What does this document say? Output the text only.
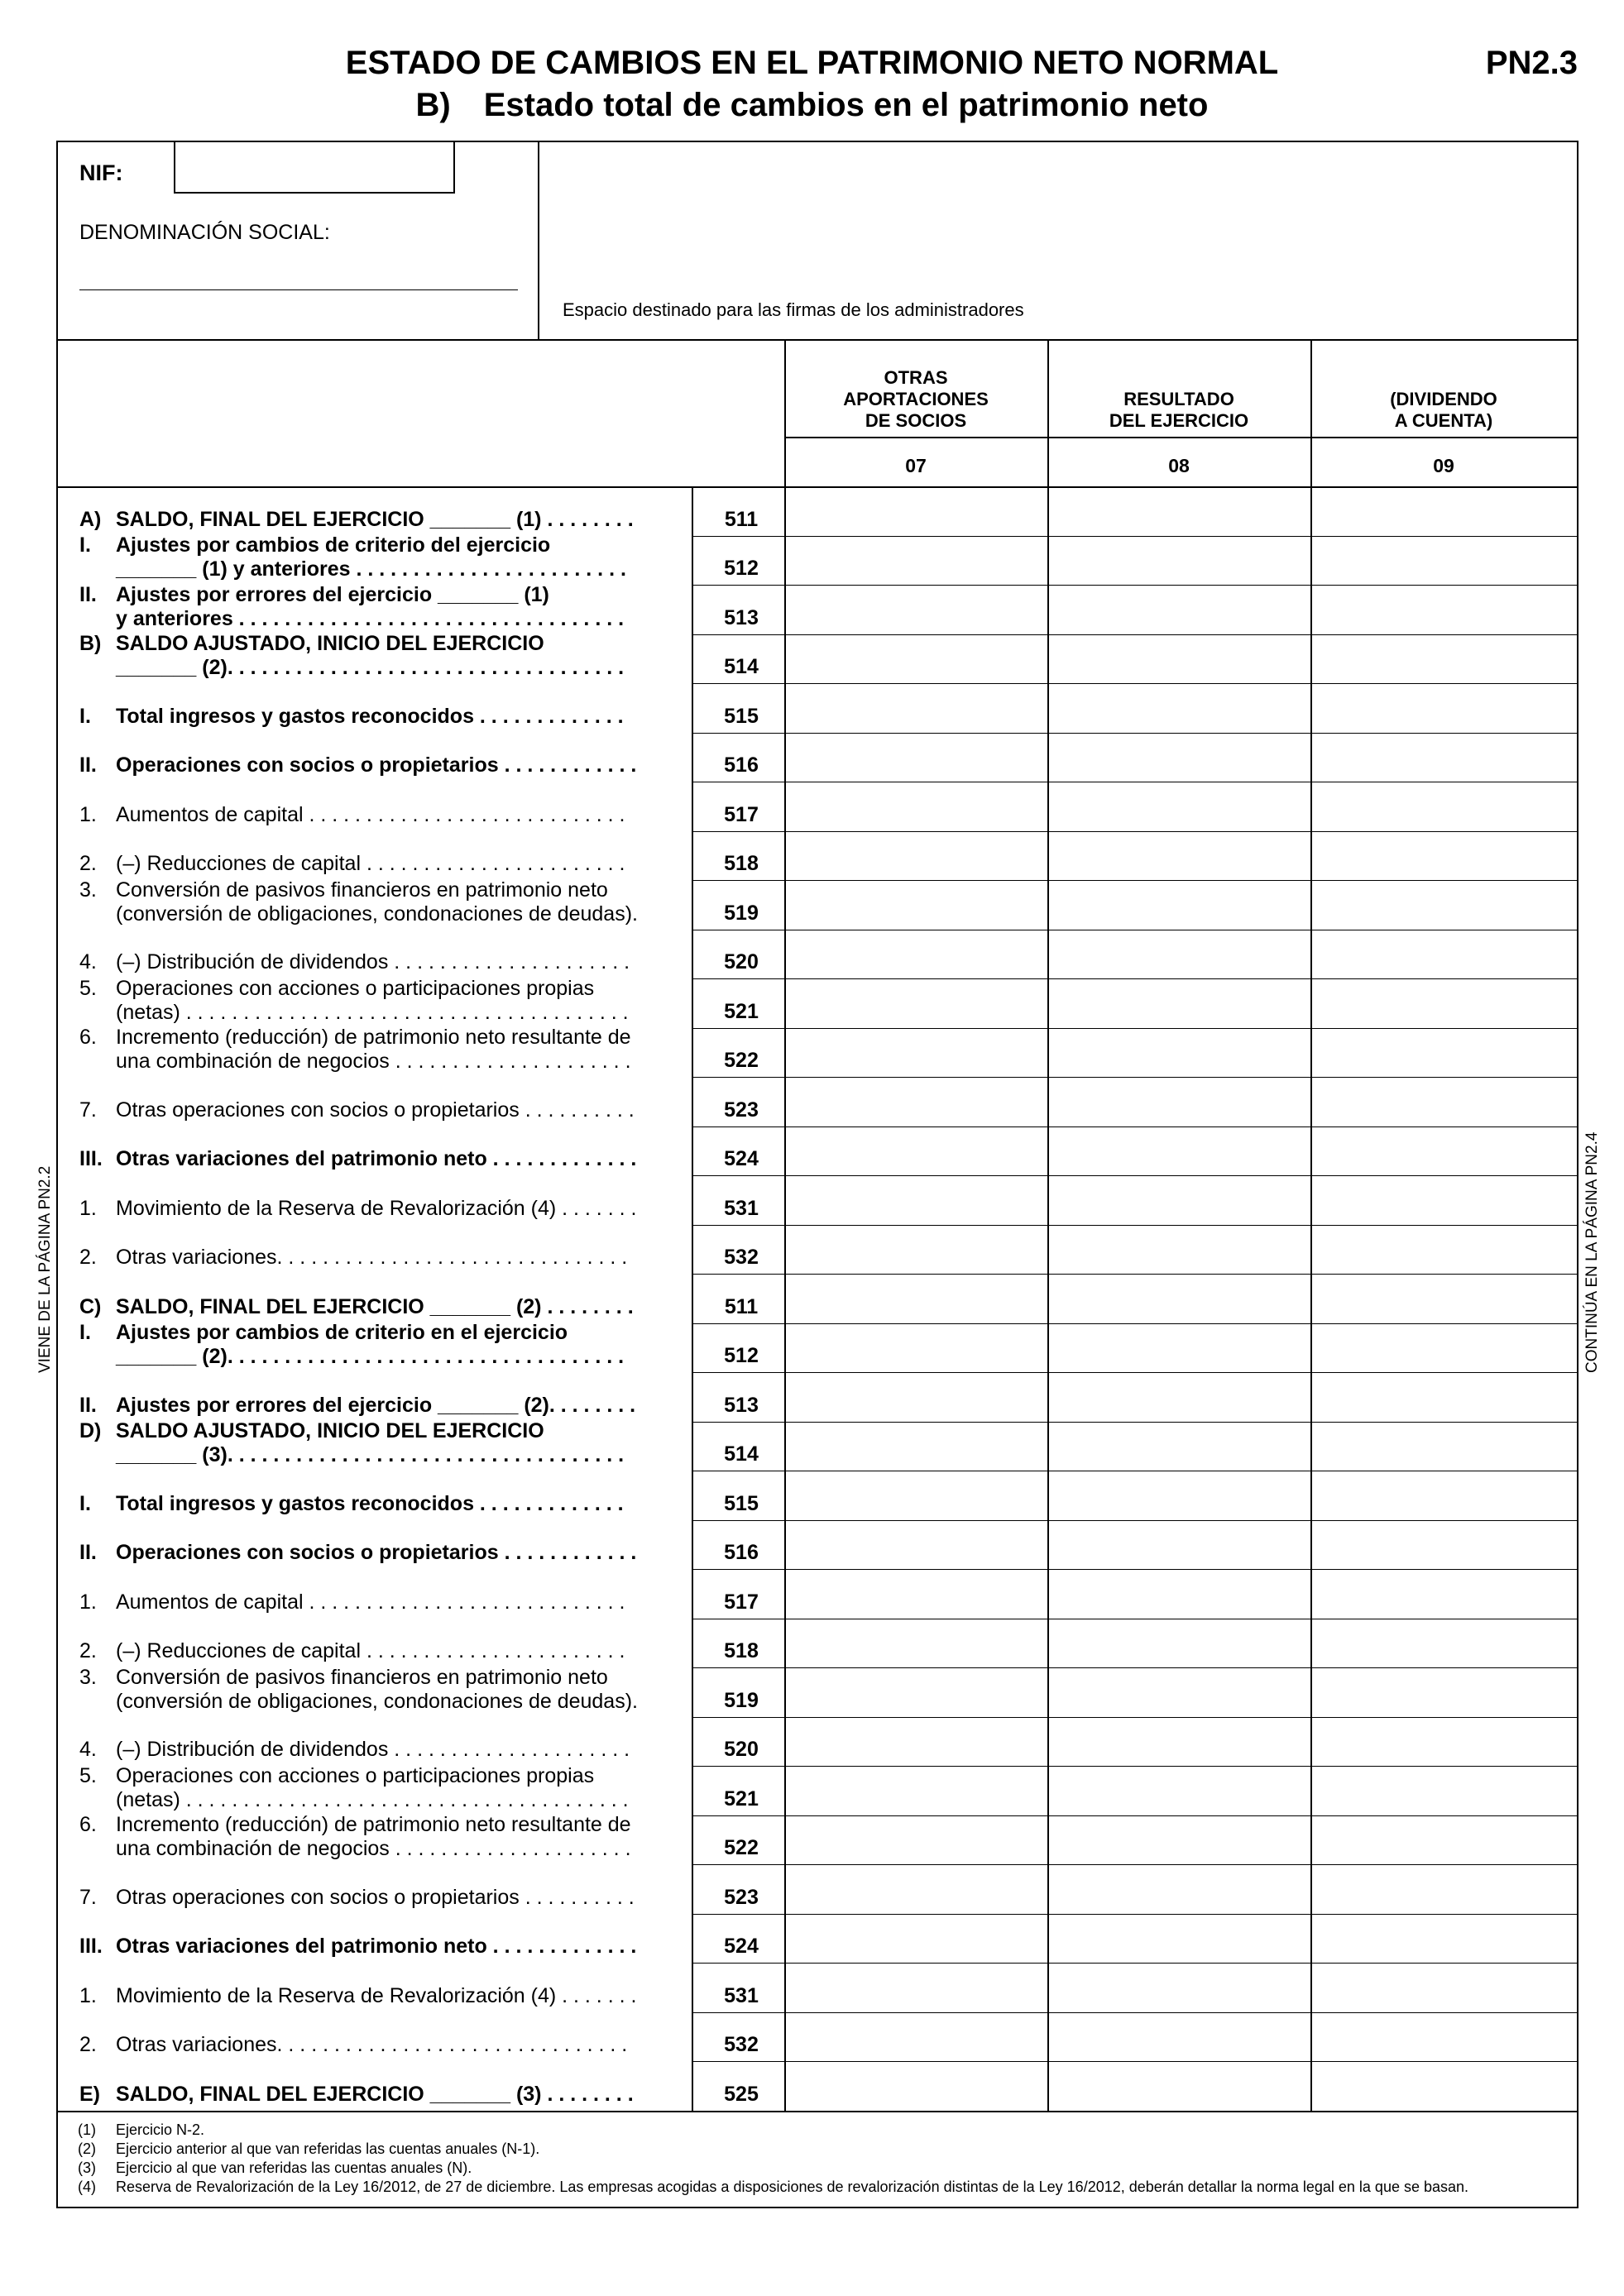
ESTADO DE CAMBIOS EN EL PATRIMONIO NETO NORMAL
B) Estado total de cambios en el patrimonio neto
PN2.3
VIENE DE LA PÁGINA PN2.2	CONTINÚA EN LA PÁGINA PN2.4
NIF:
DENOMINACIÓN SOCIAL:
Espacio destinado para las firmas de los administradores
OTRAS
APORTACIONES
DE SOCIOS
07
RESULTADO
DEL EJERCICIO
08
(DIVIDENDO
A CUENTA)
09
A) SALDO, FINAL DEL EJERCICIO _______ (1) . . . . . . . .	511
I. Ajustes por cambios de criterio del ejercicio
_______ (1) y anteriores . . . . . . . . . . . . . . . . . . . . . . . .	512
II. Ajustes por errores del ejercicio _______ (1)
y anteriores . . . . . . . . . . . . . . . . . . . . . . . . . . . . . . . . . .	513
B) SALDO AJUSTADO, INICIO DEL EJERCICIO
_______ (2). . . . . . . . . . . . . . . . . . . . . . . . . . . . . . . . . . .	514
I. Total ingresos y gastos reconocidos . . . . . . . . . . . . .	515
II. Operaciones con socios o propietarios . . . . . . . . . . . .	516
1. Aumentos de capital . . . . . . . . . . . . . . . . . . . . . . . . . . . .	517
2. (–) Reducciones de capital . . . . . . . . . . . . . . . . . . . . . . .	518
3. Conversión de pasivos financieros en patrimonio neto
(conversión de obligaciones, condonaciones de deudas).	519
4. (–) Distribución de dividendos . . . . . . . . . . . . . . . . . . . . .	520
5. Operaciones con acciones o participaciones propias
(netas) . . . . . . . . . . . . . . . . . . . . . . . . . . . . . . . . . . . . . . .	521
6. Incremento (reducción) de patrimonio neto resultante de
una combinación de negocios . . . . . . . . . . . . . . . . . . . . .	522
7. Otras operaciones con socios o propietarios . . . . . . . . . .	523
III. Otras variaciones del patrimonio neto . . . . . . . . . . . . .	524
1. Movimiento de la Reserva de Revalorización (4) . . . . . . .	531
2. Otras variaciones. . . . . . . . . . . . . . . . . . . . . . . . . . . . . . .	532
C) SALDO, FINAL DEL EJERCICIO _______ (2) . . . . . . . .	511
I. Ajustes por cambios de criterio en el ejercicio
_______ (2). . . . . . . . . . . . . . . . . . . . . . . . . . . . . . . . . . .	512
II. Ajustes por errores del ejercicio _______ (2). . . . . . . .	513
D) SALDO AJUSTADO, INICIO DEL EJERCICIO
_______ (3). . . . . . . . . . . . . . . . . . . . . . . . . . . . . . . . . . .	514
I. Total ingresos y gastos reconocidos . . . . . . . . . . . . .	515
II. Operaciones con socios o propietarios . . . . . . . . . . . .	516
1. Aumentos de capital . . . . . . . . . . . . . . . . . . . . . . . . . . . .	517
2. (–) Reducciones de capital . . . . . . . . . . . . . . . . . . . . . . .	518
3. Conversión de pasivos financieros en patrimonio neto
(conversión de obligaciones, condonaciones de deudas).	519
4. (–) Distribución de dividendos . . . . . . . . . . . . . . . . . . . . .	520
5. Operaciones con acciones o participaciones propias
(netas) . . . . . . . . . . . . . . . . . . . . . . . . . . . . . . . . . . . . . . .	521
6. Incremento (reducción) de patrimonio neto resultante de
una combinación de negocios . . . . . . . . . . . . . . . . . . . . .	522
7. Otras operaciones con socios o propietarios . . . . . . . . . .	523
III. Otras variaciones del patrimonio neto . . . . . . . . . . . . .	524
1. Movimiento de la Reserva de Revalorización (4) . . . . . . .	531
2. Otras variaciones. . . . . . . . . . . . . . . . . . . . . . . . . . . . . . .	532
E) SALDO, FINAL DEL EJERCICIO _______ (3) . . . . . . . .	525
(1) Ejercicio N-2.
(2) Ejercicio anterior al que van referidas las cuentas anuales (N-1).
(3) Ejercicio al que van referidas las cuentas anuales (N).
(4) Reserva de Revalorización de la Ley 16/2012, de 27 de diciembre. Las empresas acogidas a disposiciones de revalorización distintas de la Ley 16/2012, deberán detallar la norma legal en la que se basan.
